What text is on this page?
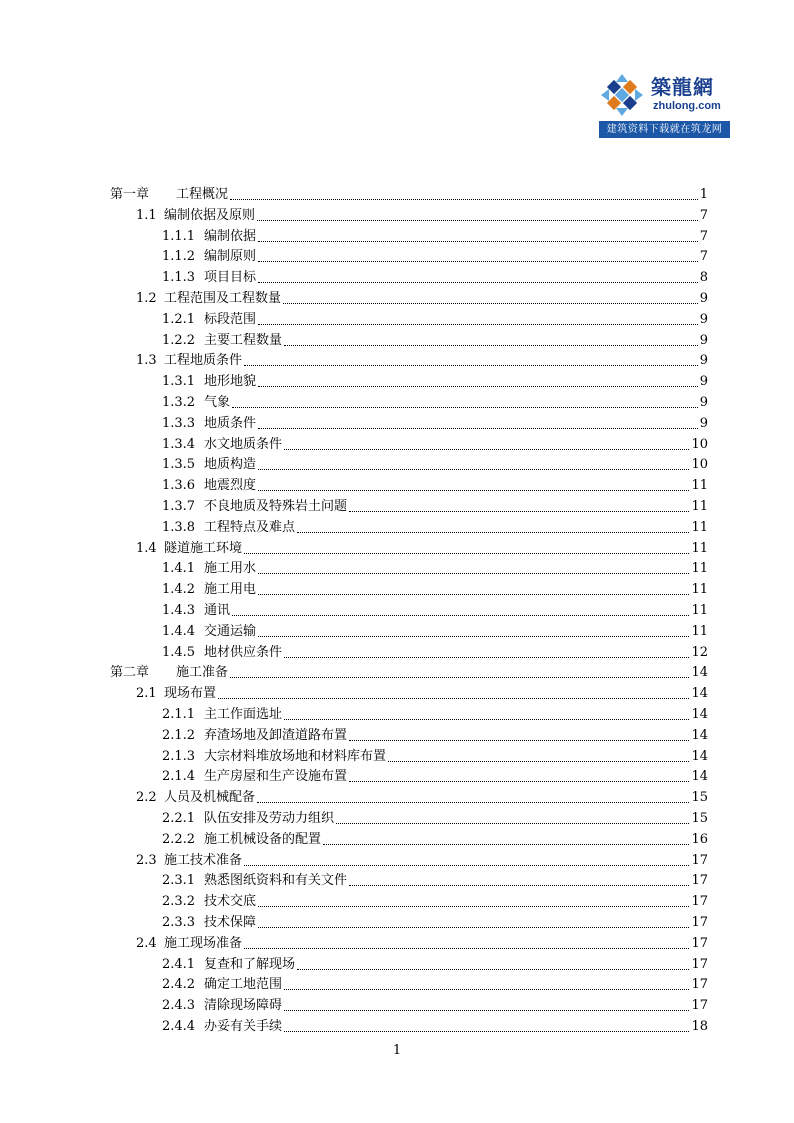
築龍網
zhulong.com
建筑资料下载就在筑龙网
第一章	工程概况	1
1.1 编制依据及原则	7
1.1.1 编制依据	7
1.1.2 编制原则	7
1.1.3 项目目标	8
1.2 工程范围及工程数量	9
1.2.1 标段范围	9
1.2.2 主要工程数量	9
1.3 工程地质条件	9
1.3.1 地形地貌	9
1.3.2 气象	9
1.3.3 地质条件	9
1.3.4 水文地质条件	10
1.3.5 地质构造	10
1.3.6 地震烈度	11
1.3.7 不良地质及特殊岩土问题	11
1.3.8 工程特点及难点	11
1.4 隧道施工环境	11
1.4.1 施工用水	11
1.4.2 施工用电	11
1.4.3 通讯	11
1.4.4 交通运输	11
1.4.5 地材供应条件	12
第二章	施工准备	14
2.1 现场布置	14
2.1.1 主工作面选址	14
2.1.2 弃渣场地及卸渣道路布置	14
2.1.3 大宗材料堆放场地和材料库布置	14
2.1.4 生产房屋和生产设施布置	14
2.2 人员及机械配备	15
2.2.1 队伍安排及劳动力组织	15
2.2.2 施工机械设备的配置	16
2.3 施工技术准备	17
2.3.1 熟悉图纸资料和有关文件	17
2.3.2 技术交底	17
2.3.3 技术保障	17
2.4 施工现场准备	17
2.4.1 复查和了解现场	17
2.4.2 确定工地范围	17
2.4.3 清除现场障碍	17
2.4.4 办妥有关手续	18
1
